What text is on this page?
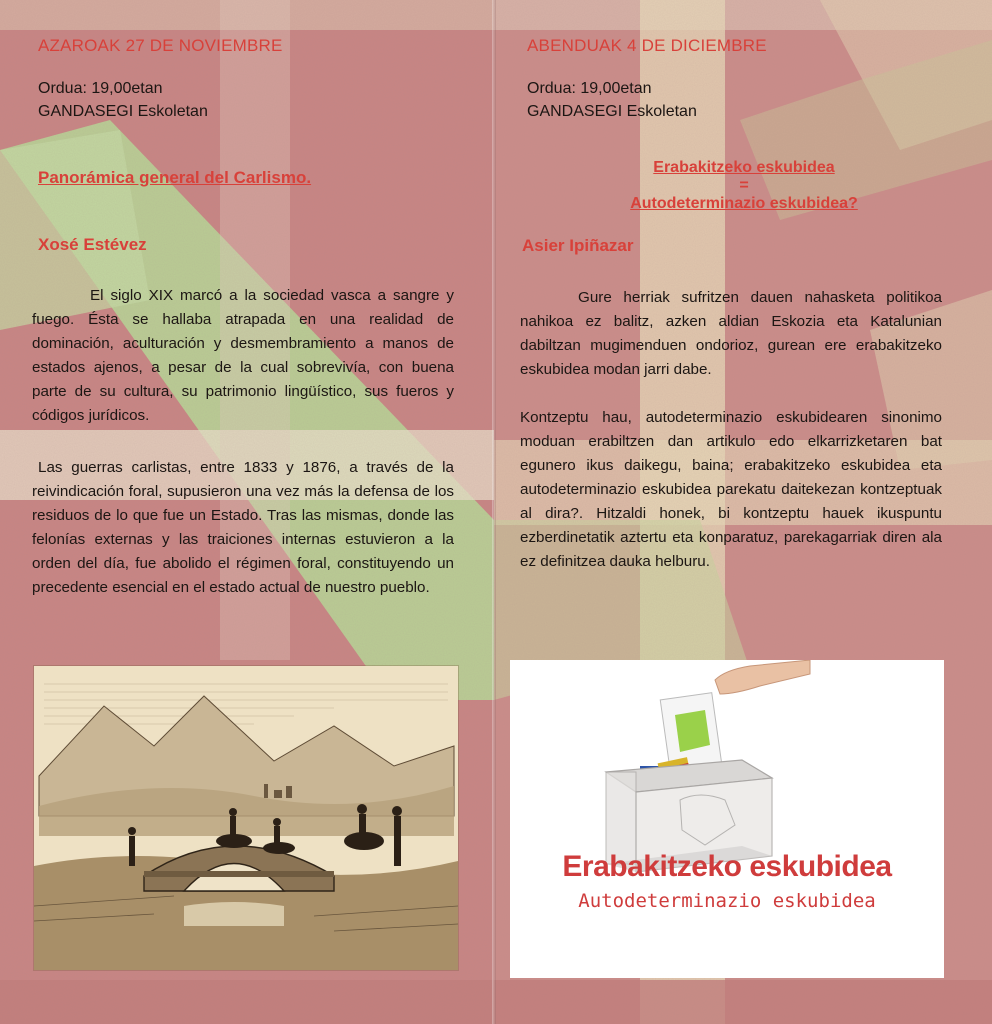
AZAROAK 27 DE NOVIEMBRE
Ordua: 19,00etan
GANDASEGI Eskoletan
Panorámica general del Carlismo.
Xosé Estévez

El siglo XIX marcó a la sociedad vasca a sangre y fuego. Ésta se hallaba atrapada en una realidad de dominación, aculturación y desmembramiento a manos de estados ajenos, a pesar de la cual sobrevivía, con buena parte de su cultura, su patrimonio lingüístico, sus fueros y códigos jurídicos.

Las guerras carlistas, entre 1833 y 1876, a través de la reivindicación foral, supusieron una vez más la defensa de los residuos de lo que fue un Estado. Tras las mismas, donde las felonías externas y las traiciones internas estuvieron a la orden del día, fue abolido el régimen foral, constituyendo un precedente esencial en el estado actual de nuestro pueblo.

ABENDUAK 4 DE DICIEMBRE
Ordua: 19,00etan
GANDASEGI Eskoletan
Erabakitzeko eskubidea
=
Autodeterminazio eskubidea?
Asier Ipiñazar

Gure herriak sufritzen dauen nahasketa politikoa nahikoa ez balitz, azken aldian Eskozia eta Katalunian dabiltzan mugimenduen ondorioz, gurean ere erabakitzeko eskubidea modan jarri dabe.

Kontzeptu hau, autodeterminazio eskubidearen sinonimo moduan erabiltzen dan artikulo edo elkarrizketaren bat egunero ikus daikegu, baina; erabakitzeko eskubidea eta autodeterminazio eskubidea parekatu daitekezan kontzeptuak al dira?. Hitzaldi honek, bi kontzeptu hauek ikuspuntu ezberdinetatik aztertu eta konparatuz, parekagarriak diren ala ez definitzea dauka helburu.

Erabakitzeko eskubidea
Autodeterminazio eskubidea
